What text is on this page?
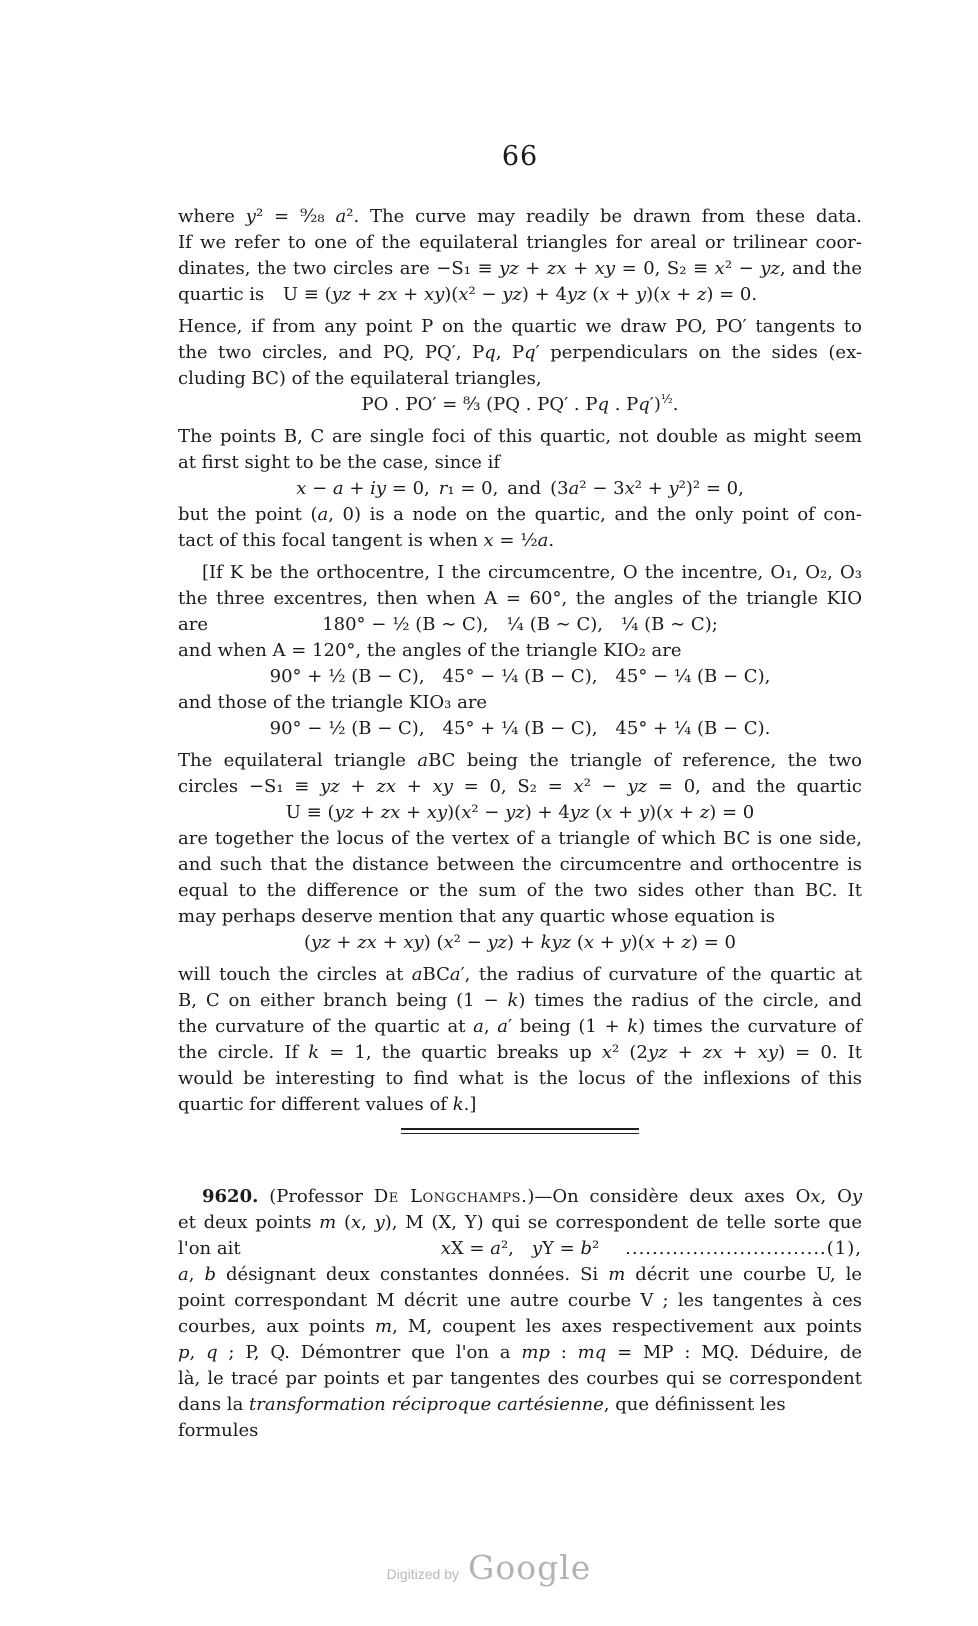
66
where y² = ⁹⁄₂₈ a². The curve may readily be drawn from these data.
If we refer to one of the equilateral triangles for areal or trilinear coor-
dinates, the two circles are −S₁ ≡ yz + zx + xy = 0, S₂ ≡ x² − yz, and the
quartic is	U ≡ (yz + zx + xy)(x² − yz) + 4yz (x + y)(x + z) = 0.
Hence, if from any point P on the quartic we draw PO, PO′ tangents to
the two circles, and PQ, PQ′, Pq, Pq′ perpendiculars on the sides (ex-
cluding BC) of the equilateral triangles,
PO . PO′ = ⁸⁄₃ (PQ . PQ′ . Pq . Pq′)$^{\frac{1}{2}}$.
The points B, C are single foci of this quartic, not double as might seem
at first sight to be the case, since if
x − a + iy = 0, r₁ = 0, and (3a² − 3x² + y²)² = 0,
but the point (a, 0) is a node on the quartic, and the only point of con-
tact of this focal tangent is when x = ½a.
[If K be the orthocentre, I the circumcentre, O the incentre, O₁, O₂, O₃
the three excentres, then when A = 60°, the angles of the triangle KIO
are	180° − ½ (B ∼ C), ¼ (B ∼ C), ¼ (B ∼ C);
and when A = 120°, the angles of the triangle KIO₂ are
90° + ½ (B − C), 45° − ¼ (B − C), 45° − ¼ (B − C),
and those of the triangle KIO₃ are
90° − ½ (B − C), 45° + ¼ (B − C), 45° + ¼ (B − C).
The equilateral triangle aBC being the triangle of reference, the two
circles −S₁ ≡ yz + zx + xy = 0, S₂ = x² − yz = 0, and the quartic
U ≡ (yz + zx + xy)(x² − yz) + 4yz (x + y)(x + z) = 0
are together the locus of the vertex of a triangle of which BC is one side,
and such that the distance between the circumcentre and orthocentre is
equal to the difference or the sum of the two sides other than BC. It
may perhaps deserve mention that any quartic whose equation is
(yz + zx + xy) (x² − yz) + kyz (x + y)(x + z) = 0
will touch the circles at aBCa′, the radius of curvature of the quartic at
B, C on either branch being (1 − k) times the radius of the circle, and
the curvature of the quartic at a, a′ being (1 + k) times the curvature of
the circle. If k = 1, the quartic breaks up x² (2yz + zx + xy) = 0. It
would be interesting to find what is the locus of the inflexions of this
quartic for different values of k.]
9620. (Professor De Longchamps.)—On considère deux axes Ox, Oy
et deux points m (x, y), M (X, Y) qui se correspondent de telle sorte que
l'on ait	xX = a², yY = b²	..............................(1),
a, b désignant deux constantes données. Si m décrit une courbe U, le
point correspondant M décrit une autre courbe V ; les tangentes à ces
courbes, aux points m, M, coupent les axes respectivement aux points
p, q ; P, Q. Démontrer que l'on a mp : mq = MP : MQ. Déduire, de
là, le tracé par points et par tangentes des courbes qui se correspondent
dans la transformation réciproque cartésienne, que définissent les formules
Digitized by Google
